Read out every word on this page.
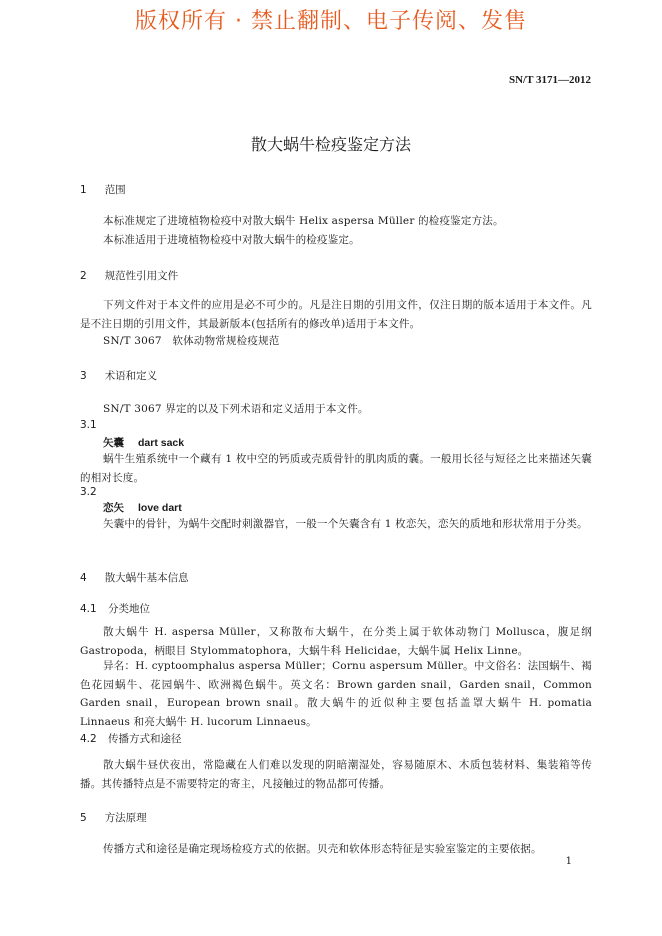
版权所有 · 禁止翻制、电子传阅、发售
SN/T 3171—2012
散大蜗牛检疫鉴定方法
1 范围
本标准规定了进境植物检疫中对散大蜗牛 Helix aspersa Müller 的检疫鉴定方法。
本标准适用于进境植物检疫中对散大蜗牛的检疫鉴定。
2 规范性引用文件
下列文件对于本文件的应用是必不可少的。凡是注日期的引用文件，仅注日期的版本适用于本文件。凡是不注日期的引用文件，其最新版本(包括所有的修改单)适用于本文件。
SN/T 3067　软体动物常规检疫规范
3 术语和定义
SN/T 3067 界定的以及下列术语和定义适用于本文件。
3.1
矢囊 dart sack
蜗牛生殖系统中一个藏有 1 枚中空的钙质或壳质骨针的肌肉质的囊。一般用长径与短径之比来描述矢囊的相对长度。
3.2
恋矢 love dart
矢囊中的骨针，为蜗牛交配时刺激器官，一般一个矢囊含有 1 枚恋矢，恋矢的质地和形状常用于分类。
4 散大蜗牛基本信息
4.1 分类地位
散大蜗牛 H. aspersa Müller，又称散布大蜗牛，在分类上属于软体动物门 Mollusca，腹足纲 Gastropoda，柄眼目 Stylommatophora，大蜗牛科 Helicidae，大蜗牛属 Helix Linne。
异名：H. cyptoomphalus aspersa Müller；Cornu aspersum Müller。中文俗名：法国蜗牛、褐色花园蜗牛、花园蜗牛、欧洲褐色蜗牛。英文名：Brown garden snail，Garden snail，Common Garden snail，European brown snail。散大蜗牛的近似种主要包括盖罩大蜗牛 H. pomatia Linnaeus 和亮大蜗牛 H. lucorum Linnaeus。
4.2 传播方式和途径
散大蜗牛昼伏夜出，常隐藏在人们难以发现的阴暗潮湿处，容易随原木、木质包装材料、集装箱等传播。其传播特点是不需要特定的寄主，凡接触过的物品都可传播。
5 方法原理
传播方式和途径是确定现场检疫方式的依据。贝壳和软体形态特征是实验室鉴定的主要依据。
1
